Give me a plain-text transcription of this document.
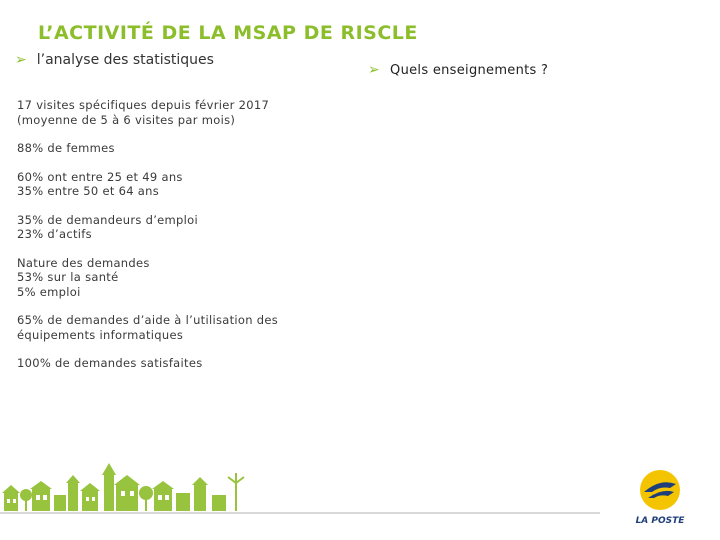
L’ACTIVITÉ DE LA MSAP DE RISCLE
➢ l’analyse des statistiques
➢ Quels enseignements ?
17 visites spécifiques depuis février 2017
(moyenne de 5 à 6 visites par mois)
88% de femmes
60% ont entre 25 et 49 ans
35% entre 50 et 64 ans
35% de demandeurs d’emploi
23% d’actifs
Nature des demandes
53% sur la santé
5% emploi
65% de demandes d’aide à l’utilisation des
équipements informatiques
100% de demandes satisfaites
LA POSTE
